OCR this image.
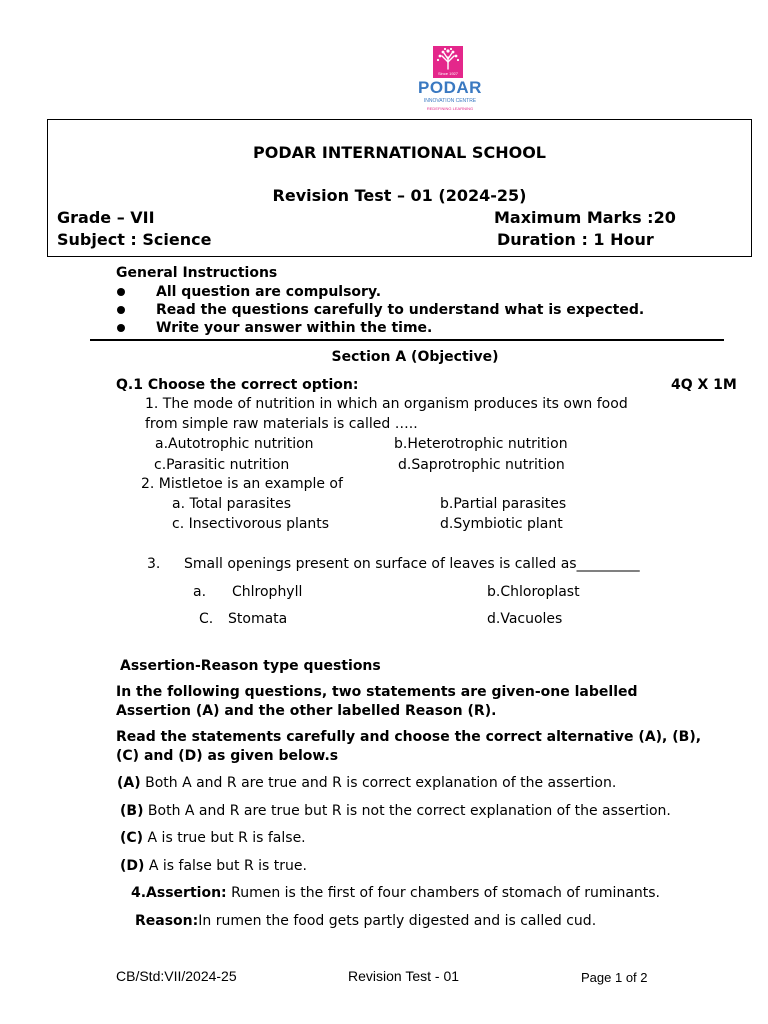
Since 1927
PODAR
INNOVATION CENTRE
REDEFINING LEARNING
PODAR INTERNATIONAL SCHOOL
Revision Test – 01 (2024-25)
Grade – VII	Maximum Marks :20
Subject : Science	Duration : 1 Hour
General Instructions
All question are compulsory.
Read the questions carefully to understand what is expected.
Write your answer within the time.
Section A (Objective)
Q.1 Choose the correct option:	4Q X 1M
1. The mode of nutrition in which an organism produces its own food
from simple raw materials is called …..
a.Autotrophic nutrition	b.Heterotrophic nutrition
c.Parasitic nutrition	d.Saprotrophic nutrition
2. Mistletoe is an example of
a. Total parasites	b.Partial parasites
c. Insectivorous plants	d.Symbiotic plant
3. Small openings present on surface of leaves is called as_________
a. Chlrophyll	b.Chloroplast
C. Stomata	d.Vacuoles
Assertion-Reason type questions
In the following questions, two statements are given-one labelled
Assertion (A) and the other labelled Reason (R).
Read the statements carefully and choose the correct alternative (A), (B),
(C) and (D) as given below.s
(A) Both A and R are true and R is correct explanation of the assertion.
(B) Both A and R are true but R is not the correct explanation of the assertion.
(C) A is true but R is false.
(D) A is false but R is true.
4.Assertion: Rumen is the first of four chambers of stomach of ruminants.
Reason:In rumen the food gets partly digested and is called cud.
CB/Std:VII/2024-25	Revision Test - 01	Page 1 of 2
